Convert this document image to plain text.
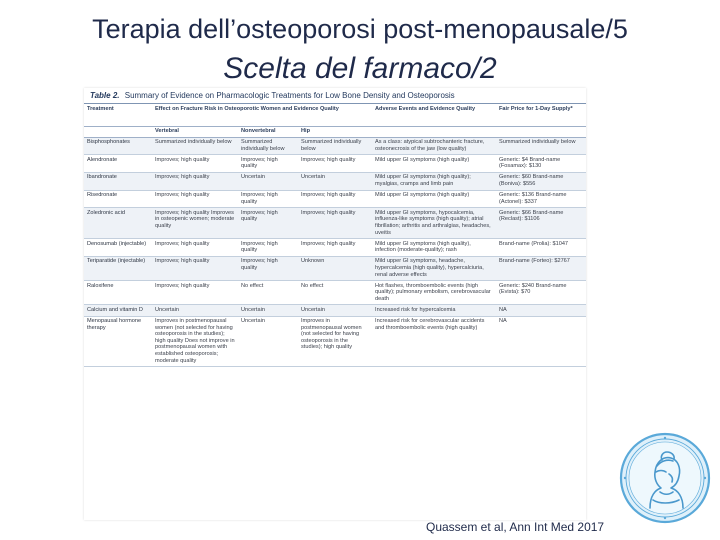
Terapia dell’osteoporosi post-menopausale/5
Scelta del farmaco/2
Table 2. Summary of Evidence on Pharmacologic Treatments for Low Bone Density and Osteoporosis
Treatment	Effect on Fracture Risk in Osteoporotic Women and Evidence Quality			Adverse Events and Evidence Quality	Fair Price for 1-Day Supply*
	Vertebral	Nonvertebral	Hip		
Bisphosphonates	Summarized individually below	Summarized individually below	Summarized individually below	As a class: atypical subtrochanteric fracture, osteonecrosis of the jaw (low quality)	Summarized individually below
Alendronate	Improves; high quality	Improves; high quality	Improves; high quality	Mild upper GI symptoms (high quality)	Generic: $4 Brand-name (Fosamax): $130
Ibandronate	Improves; high quality	Uncertain	Uncertain	Mild upper GI symptoms (high quality); myalgias, cramps and limb pain	Generic: $60 Brand-name (Boniva): $556
Risedronate	Improves; high quality	Improves; high quality	Improves; high quality	Mild upper GI symptoms (high quality)	Generic: $136 Brand-name (Actonel): $337
Zoledronic acid	Improves; high quality Improves in osteopenic women; moderate quality	Improves; high quality	Improves; high quality	Mild upper GI symptoms, hypocalcemia, influenza-like symptoms (high quality); atrial fibrillation; arthritis and arthralgias, headaches, uveitis	Generic: $66 Brand-name (Reclast): $1106
Denosumab (injectable)	Improves; high quality	Improves; high quality	Improves; high quality	Mild upper GI symptoms (high quality), infection (moderate-quality); rash	Brand-name (Prolia): $1047
Teriparatide (injectable)	Improves; high quality	Improves; high quality	Unknown	Mild upper GI symptoms, headache, hypercalcemia (high quality), hypercalciuria, renal adverse effects	Brand-name (Forteo): $2767
Raloxifene	Improves; high quality	No effect	No effect	Hot flashes, thromboembolic events (high quality); pulmonary embolism, cerebrovascular death	Generic: $240 Brand-name (Evista): $70
Calcium and vitamin D	Uncertain	Uncertain	Uncertain	Increased risk for hypercalcemia	NA
Menopausal hormone therapy	Improves in postmenopausal women (not selected for having osteoporosis in the studies); high quality Does not improve in postmenopausal women with established osteoporosis; moderate quality	Uncertain	Improves in postmenopausal women (not selected for having osteoporosis in the studies); high quality	Increased risk for cerebrovascular accidents and thromboembolic events (high quality)	NA
Quassem et al, Ann Int Med 2017
